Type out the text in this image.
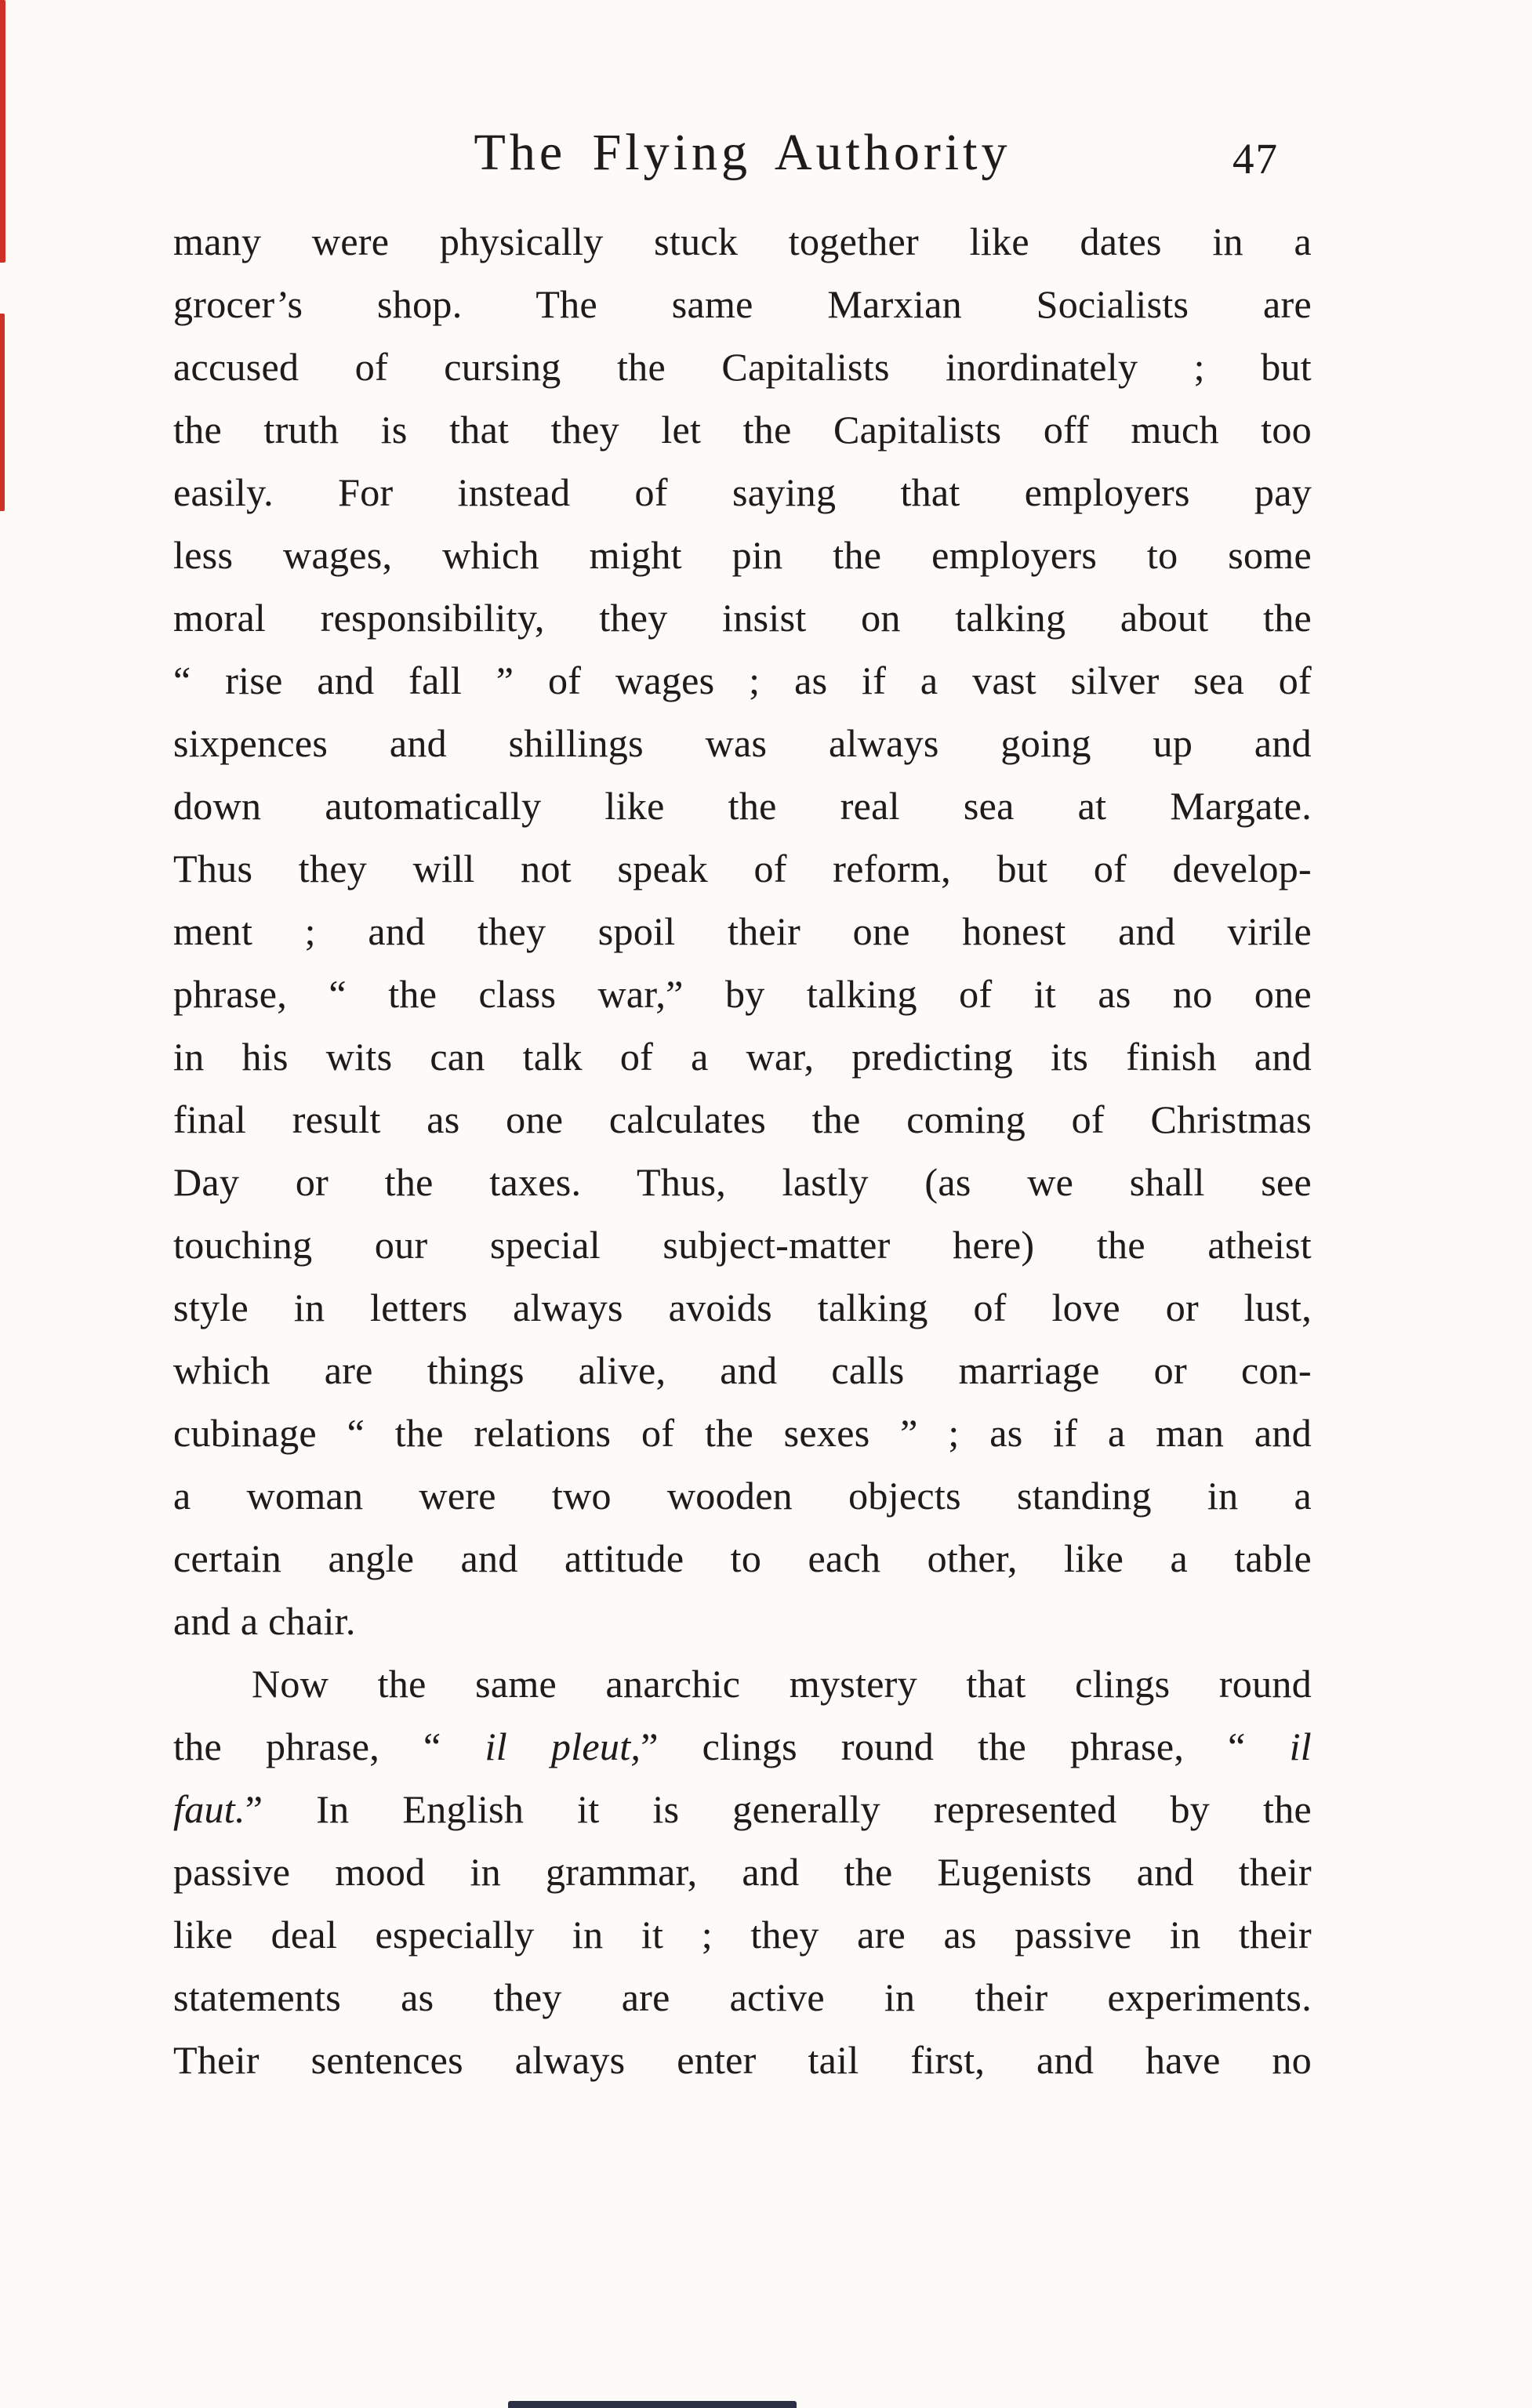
The Flying Authority	47
many were physically stuck together like dates in a
grocer’s shop. The same Marxian Socialists are
accused of cursing the Capitalists inordinately ; but
the truth is that they let the Capitalists off much too
easily. For instead of saying that employers pay
less wages, which might pin the employers to some
moral responsibility, they insist on talking about the
“ rise and fall ” of wages ; as if a vast silver sea of
sixpences and shillings was always going up and
down automatically like the real sea at Margate.
Thus they will not speak of reform, but of develop-
ment ; and they spoil their one honest and virile
phrase, “ the class war,” by talking of it as no one
in his wits can talk of a war, predicting its finish and
final result as one calculates the coming of Christmas
Day or the taxes. Thus, lastly (as we shall see
touching our special subject-matter here) the atheist
style in letters always avoids talking of love or lust,
which are things alive, and calls marriage or con-
cubinage “ the relations of the sexes ” ; as if a man and
a woman were two wooden objects standing in a
certain angle and attitude to each other, like a table
and a chair.
Now the same anarchic mystery that clings round
the phrase, “ il pleut,” clings round the phrase, “ il
faut.” In English it is generally represented by the
passive mood in grammar, and the Eugenists and their
like deal especially in it ; they are as passive in their
statements as they are active in their experiments.
Their sentences always enter tail first, and have no
